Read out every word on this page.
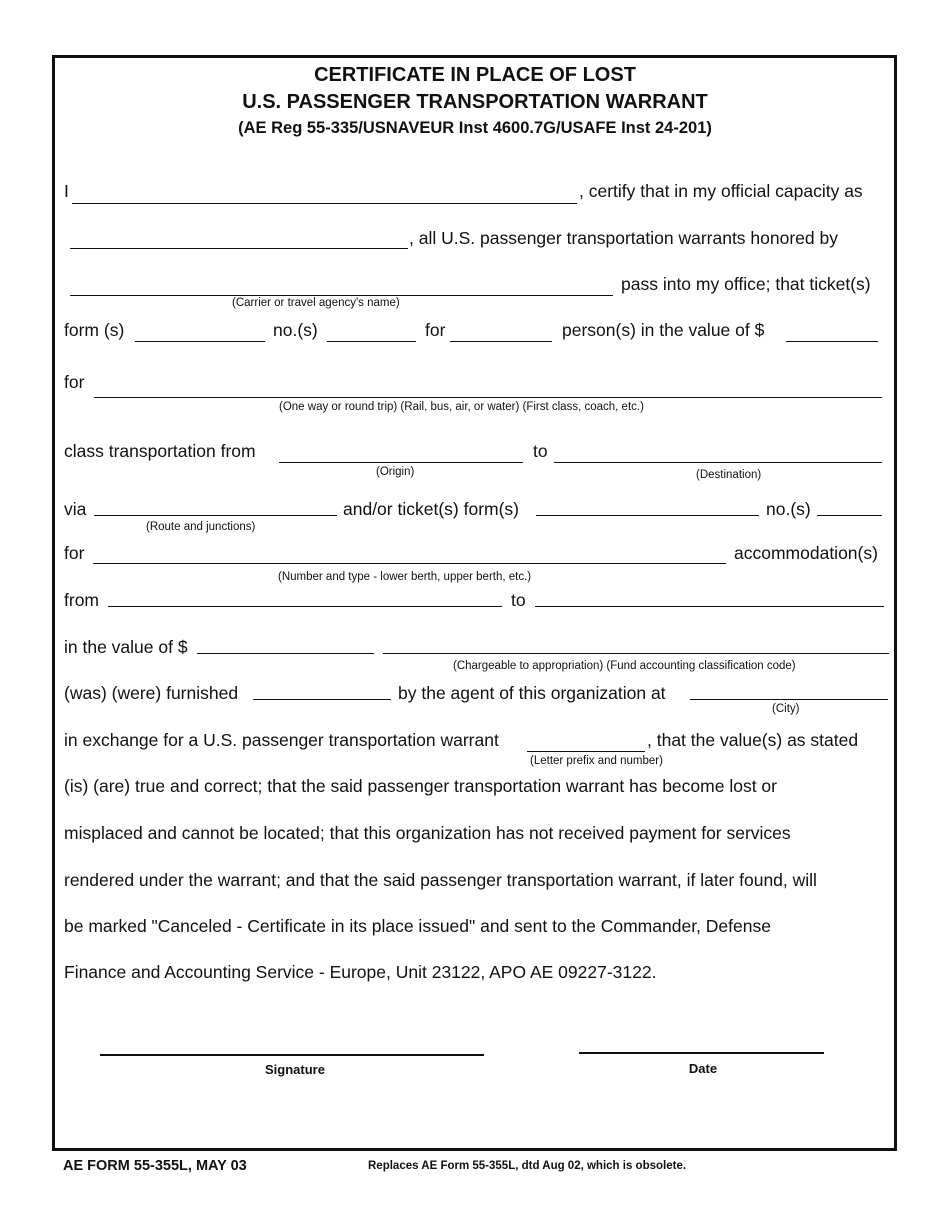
CERTIFICATE IN PLACE OF LOST
U.S. PASSENGER TRANSPORTATION WARRANT
(AE Reg 55-335/USNAVEUR Inst 4600.7G/USAFE Inst 24-201)
I	, certify that in my official capacity as
, all U.S. passenger transportation warrants honored by
pass into my office; that ticket(s)
(Carrier or travel agency's name)
form (s)	no.(s)	for	person(s) in the value of $
for
(One way or round trip) (Rail, bus, air, or water) (First class, coach, etc.)
class transportation from	to
(Origin)	(Destination)
via	and/or ticket(s) form(s)	no.(s)
(Route and junctions)
for	accommodation(s)
(Number and type - lower berth, upper berth, etc.)
from	to
in the value of $
(Chargeable to appropriation) (Fund accounting classification code)
(was) (were) furnished	by the agent of this organization at
(City)
in exchange for a U.S. passenger transportation warrant	, that the value(s) as stated
(Letter prefix and number)
(is) (are) true and correct; that the said passenger transportation warrant has become lost or
misplaced and cannot be located; that this organization has not received payment for services
rendered under the warrant; and that the said passenger transportation warrant, if later found, will
be marked "Canceled - Certificate in its place issued" and sent to the Commander, Defense
Finance and Accounting Service - Europe, Unit 23122, APO AE 09227-3122.
Signature	Date
AE FORM 55-355L, MAY 03	Replaces AE Form 55-355L, dtd Aug 02, which is obsolete.
